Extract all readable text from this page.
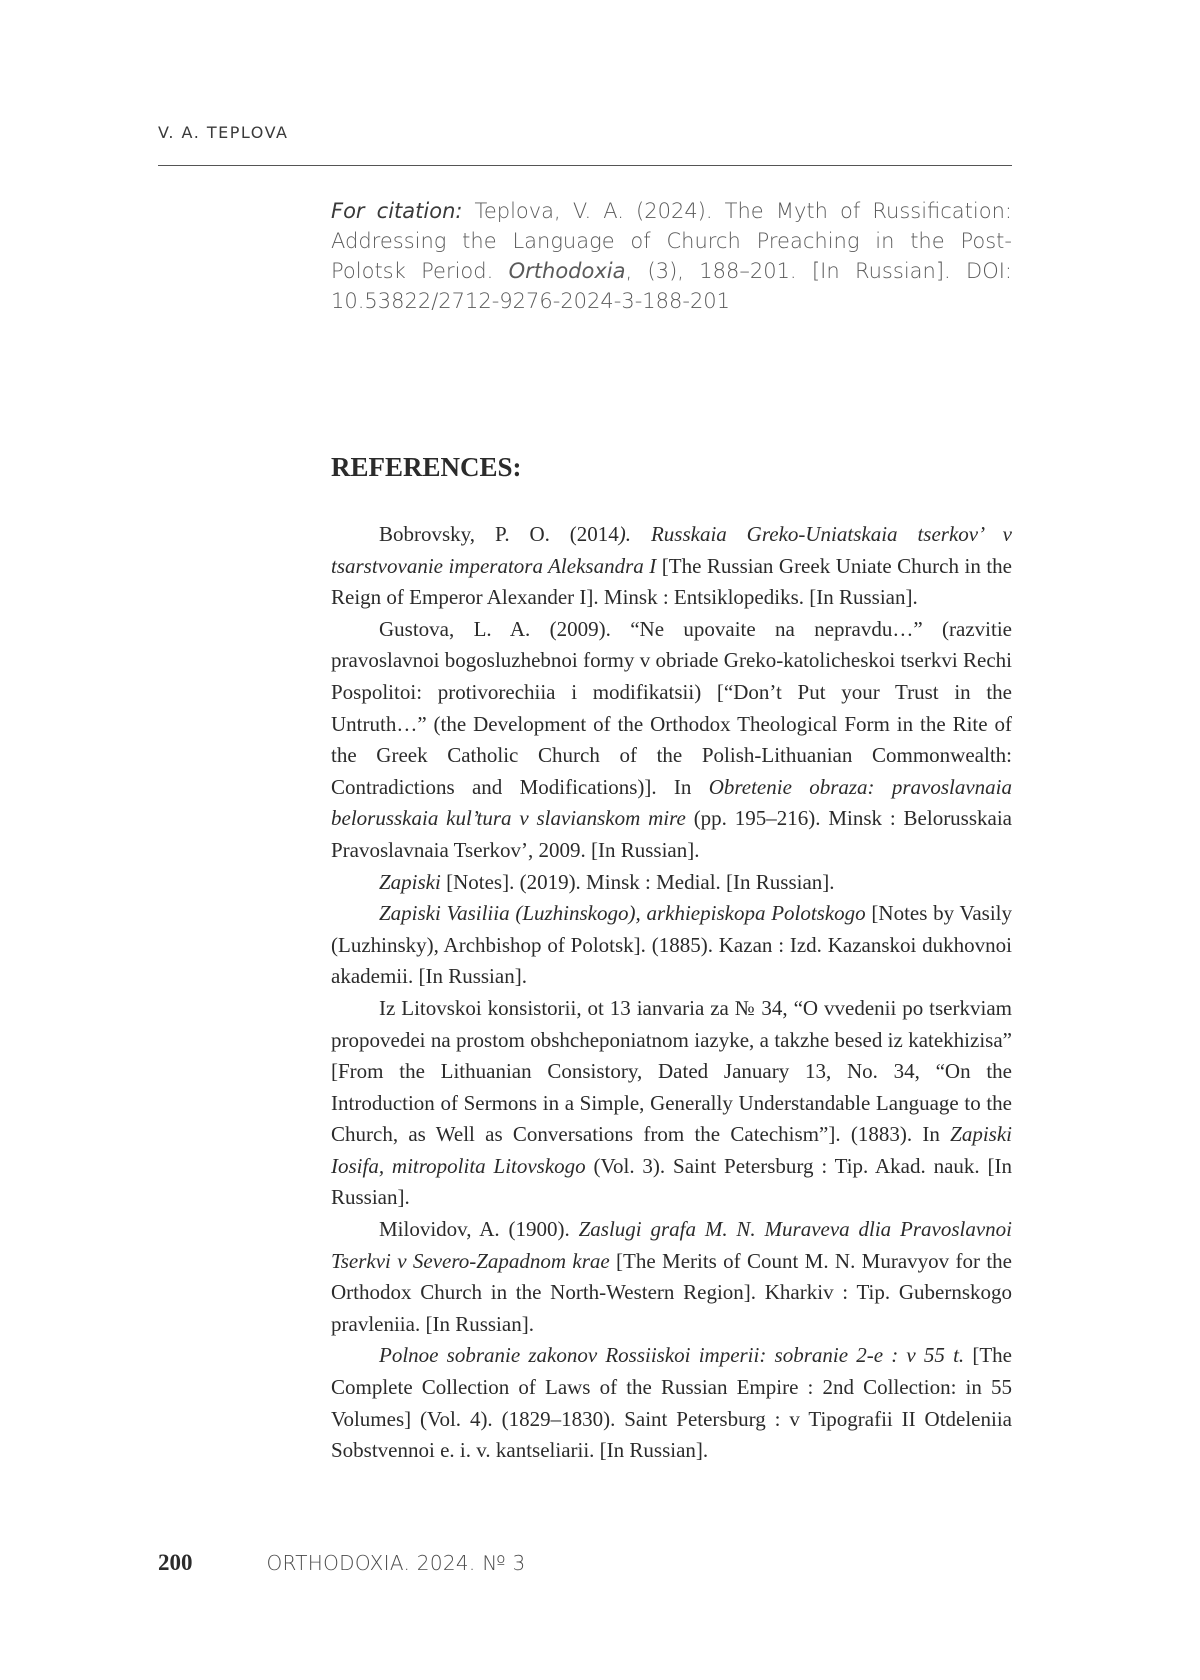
V. A. TEPLOVA
For citation: Teplova, V. A. (2024). The Myth of Russification: Addressing the Language of Church Preaching in the Post-Polotsk Period. Orthodoxia, (3), 188–201. [In Russian]. DOI: 10.53822/2712-9276-2024-3-188-201
REFERENCES:

Bobrovsky, P. O. (2014). Russkaia Greko-Uniatskaia tserkov’ v tsarstvovanie imperatora Aleksandra I [The Russian Greek Uniate Church in the Reign of Emperor Alexander I]. Minsk : Entsiklopediks. [In Russian].

Gustova, L. A. (2009). “Ne upovaite na nepravdu…” (razvitie pravoslavnoi bogosluzhebnoi formy v obriade Greko-katolicheskoi tserkvi Rechi Pospolitoi: protivorechiia i modifikatsii) [“Don’t Put your Trust in the Untruth…” (the Development of the Orthodox Theological Form in the Rite of the Greek Catholic Church of the Polish-Lithuanian Commonwealth: Contradictions and Modifications)]. In Obretenie obraza: pravoslavnaia belorusskaia kul’tura v slavianskom mire (pp. 195–216). Minsk : Belorusskaia Pravoslavnaia Tserkov’, 2009. [In Russian].

Zapiski [Notes]. (2019). Minsk : Medial. [In Russian].

Zapiski Vasiliia (Luzhinskogo), arkhiepiskopa Polotskogo [Notes by Vasily (Luzhinsky), Archbishop of Polotsk]. (1885). Kazan : Izd. Kazanskoi dukhovnoi akademii. [In Russian].

Iz Litovskoi konsistorii, ot 13 ianvaria za № 34, “O vvedenii po tserkviam propovedei na prostom obshcheponiatnom iazyke, a takzhe besed iz katekhizisa” [From the Lithuanian Consistory, Dated January 13, No. 34, “On the Introduction of Sermons in a Simple, Generally Understandable Language to the Church, as Well as Conversations from the Catechism”]. (1883). In Zapiski Iosifa, mitropolita Litovskogo (Vol. 3). Saint Petersburg : Tip. Akad. nauk. [In Russian].

Milovidov, A. (1900). Zaslugi grafa M. N. Muraveva dlia Pravoslavnoi Tserkvi v Severo-Zapadnom krae [The Merits of Count M. N. Muravyov for the Orthodox Church in the North-Western Region]. Kharkiv : Tip. Gubernskogo pravleniia. [In Russian].

Polnoe sobranie zakonov Rossiiskoi imperii: sobranie 2-e : v 55 t. [The Complete Collection of Laws of the Russian Empire : 2nd Collection: in 55 Volumes] (Vol. 4). (1829–1830). Saint Petersburg : v Tipografii II Otdeleniia Sobstvennoi e. i. v. kantseliarii. [In Russian].

200	ORTHODOXIA. 2024. № 3
